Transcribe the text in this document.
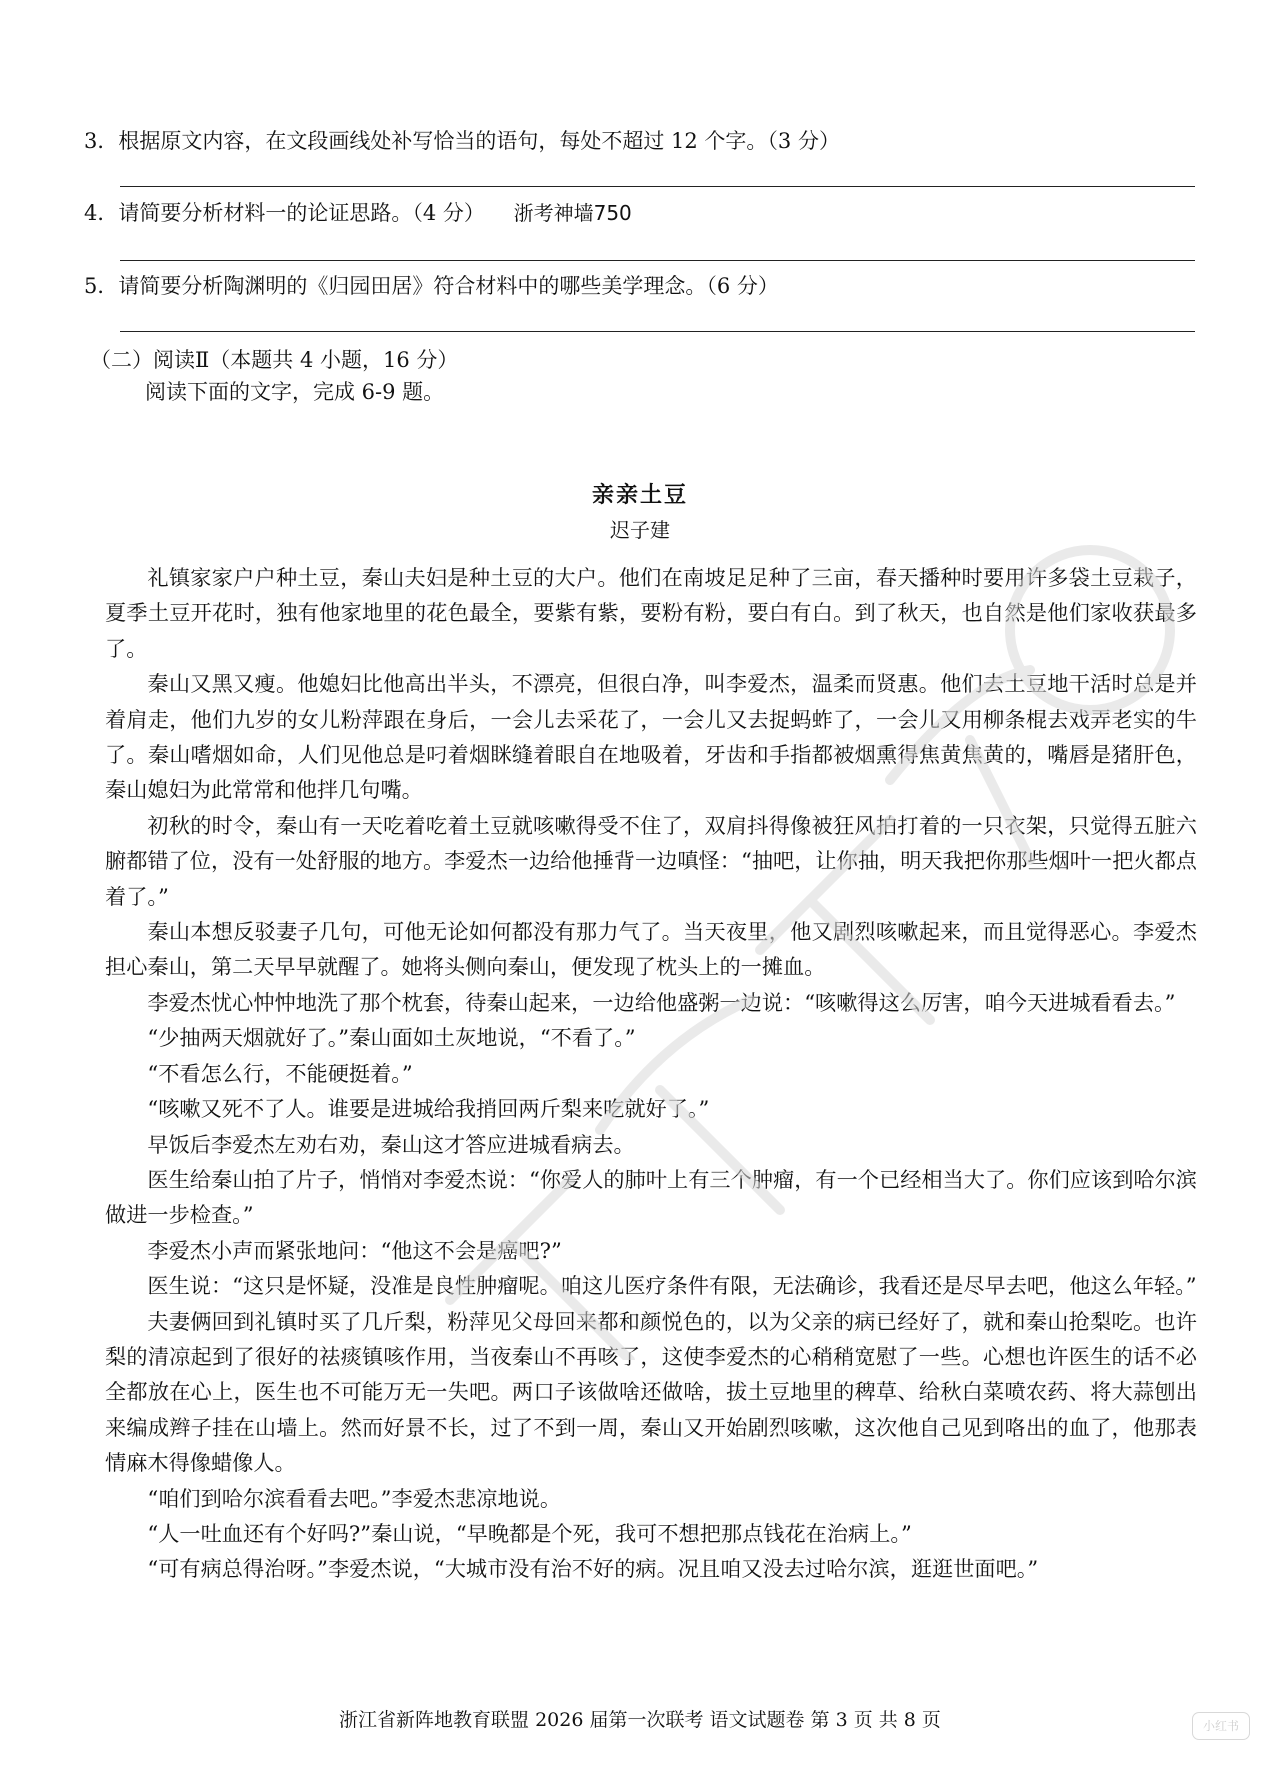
3．根据原文内容，在文段画线处补写恰当的语句，每处不超过 12 个字。（3 分）
4．请简要分析材料一的论证思路。（4 分） 浙考神墙750
5．请简要分析陶渊明的《归园田居》符合材料中的哪些美学理念。（6 分）
（二）阅读Ⅱ（本题共 4 小题，16 分）
阅读下面的文字，完成 6-9 题。
亲亲土豆
迟子建

礼镇家家户户种土豆，秦山夫妇是种土豆的大户。他们在南坡足足种了三亩，春天播种时要用许多袋土豆栽子，夏季土豆开花时，独有他家地里的花色最全，要紫有紫，要粉有粉，要白有白。到了秋天，也自然是他们家收获最多了。

秦山又黑又瘦。他媳妇比他高出半头，不漂亮，但很白净，叫李爱杰，温柔而贤惠。他们去土豆地干活时总是并着肩走，他们九岁的女儿粉萍跟在身后，一会儿去采花了，一会儿又去捉蚂蚱了，一会儿又用柳条棍去戏弄老实的牛了。秦山嗜烟如命，人们见他总是叼着烟眯缝着眼自在地吸着，牙齿和手指都被烟熏得焦黄焦黄的，嘴唇是猪肝色，秦山媳妇为此常常和他拌几句嘴。

初秋的时令，秦山有一天吃着吃着土豆就咳嗽得受不住了，双肩抖得像被狂风拍打着的一只衣架，只觉得五脏六腑都错了位，没有一处舒服的地方。李爱杰一边给他捶背一边嗔怪：“抽吧，让你抽，明天我把你那些烟叶一把火都点着了。”

秦山本想反驳妻子几句，可他无论如何都没有那力气了。当天夜里，他又剧烈咳嗽起来，而且觉得恶心。李爱杰担心秦山，第二天早早就醒了。她将头侧向秦山，便发现了枕头上的一摊血。

李爱杰忧心忡忡地洗了那个枕套，待秦山起来，一边给他盛粥一边说：“咳嗽得这么厉害，咱今天进城看看去。”

“少抽两天烟就好了。”秦山面如土灰地说，“不看了。”

“不看怎么行，不能硬挺着。”

“咳嗽又死不了人。谁要是进城给我捎回两斤梨来吃就好了。”

早饭后李爱杰左劝右劝，秦山这才答应进城看病去。

医生给秦山拍了片子，悄悄对李爱杰说：“你爱人的肺叶上有三个肿瘤，有一个已经相当大了。你们应该到哈尔滨做进一步检查。”

李爱杰小声而紧张地问：“他这不会是癌吧?”

医生说：“这只是怀疑，没准是良性肿瘤呢。咱这儿医疗条件有限，无法确诊，我看还是尽早去吧，他这么年轻。”

夫妻俩回到礼镇时买了几斤梨，粉萍见父母回来都和颜悦色的，以为父亲的病已经好了，就和秦山抢梨吃。也许梨的清凉起到了很好的祛痰镇咳作用，当夜秦山不再咳了，这使李爱杰的心稍稍宽慰了一些。心想也许医生的话不必全都放在心上，医生也不可能万无一失吧。两口子该做啥还做啥，拔土豆地里的稗草、给秋白菜喷农药、将大蒜刨出来编成辫子挂在山墙上。然而好景不长，过了不到一周，秦山又开始剧烈咳嗽，这次他自己见到咯出的血了，他那表情麻木得像蜡像人。

“咱们到哈尔滨看看去吧。”李爱杰悲凉地说。

“人一吐血还有个好吗?”秦山说，“早晚都是个死，我可不想把那点钱花在治病上。”

“可有病总得治呀。”李爱杰说，“大城市没有治不好的病。况且咱又没去过哈尔滨，逛逛世面吧。”

浙江省新阵地教育联盟 2026 届第一次联考 语文试题卷 第 3 页 共 8 页	小红书
